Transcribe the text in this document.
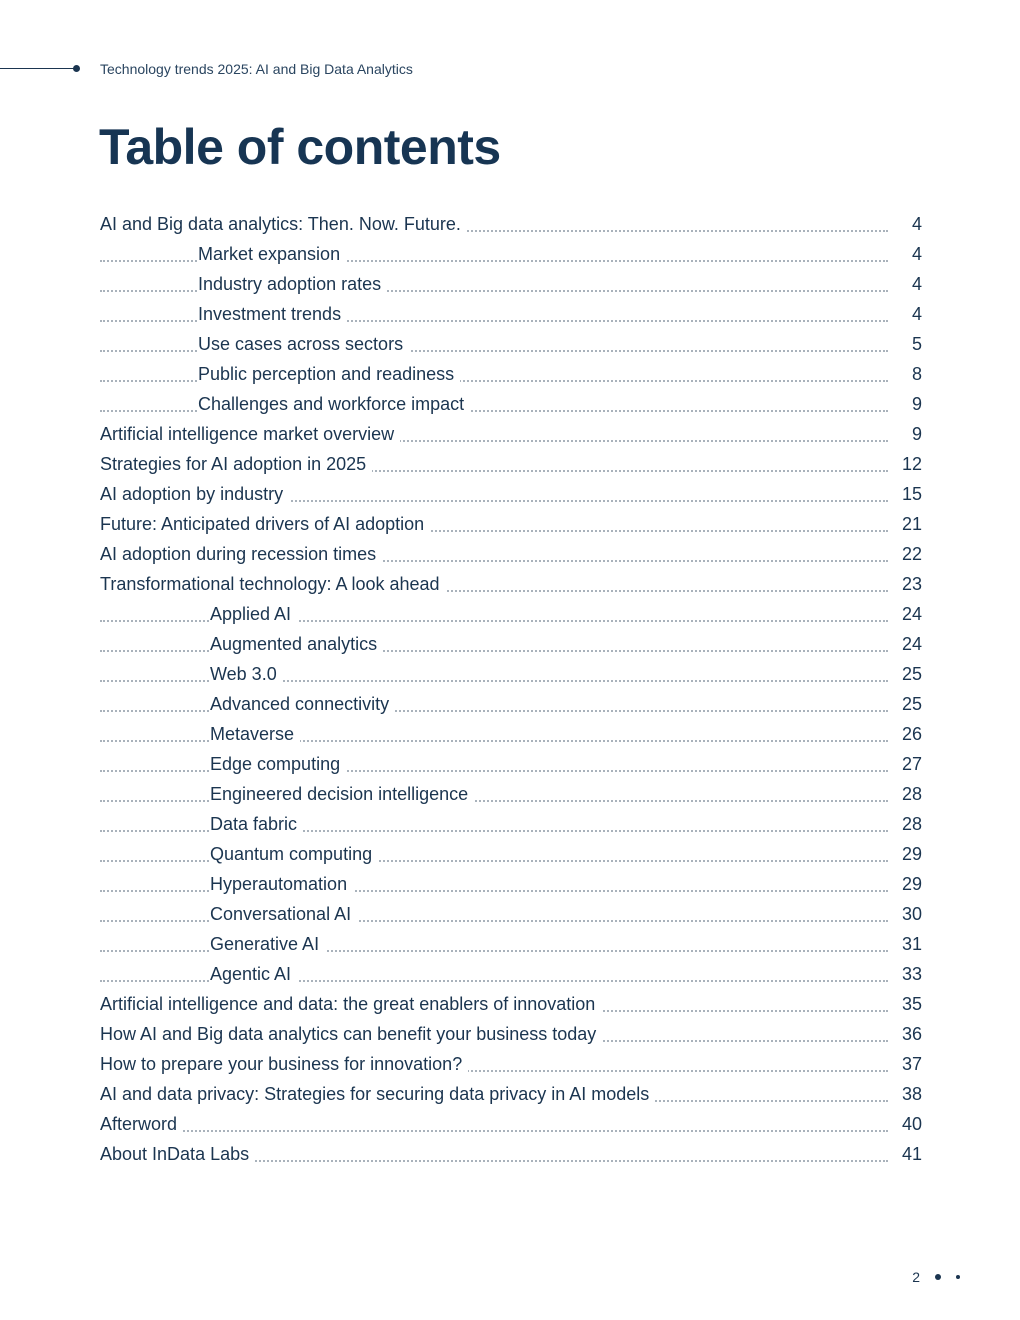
Technology trends 2025: AI and Big Data Analytics
Table of contents
AI and Big data analytics: Then. Now. Future.	4
Market expansion	4
Industry adoption rates	4
Investment trends	4
Use cases across sectors	5
Public perception and readiness	8
Challenges and workforce impact	9
Artificial intelligence market overview	9
Strategies for AI adoption in 2025	12
AI adoption by industry	15
Future: Anticipated drivers of AI adoption	21
AI adoption during recession times	22
Transformational technology: A look ahead	23
Applied AI	24
Augmented analytics	24
Web 3.0	25
Advanced connectivity	25
Metaverse	26
Edge computing	27
Engineered decision intelligence	28
Data fabric	28
Quantum computing	29
Hyperautomation	29
Conversational AI	30
Generative AI	31
Agentic AI	33
Artificial intelligence and data: the great enablers of innovation	35
How AI and Big data analytics can benefit your business today	36
How to prepare your business for innovation?	37
AI and data privacy: Strategies for securing data privacy in AI models	38
Afterword	40
About InData Labs	41
2
